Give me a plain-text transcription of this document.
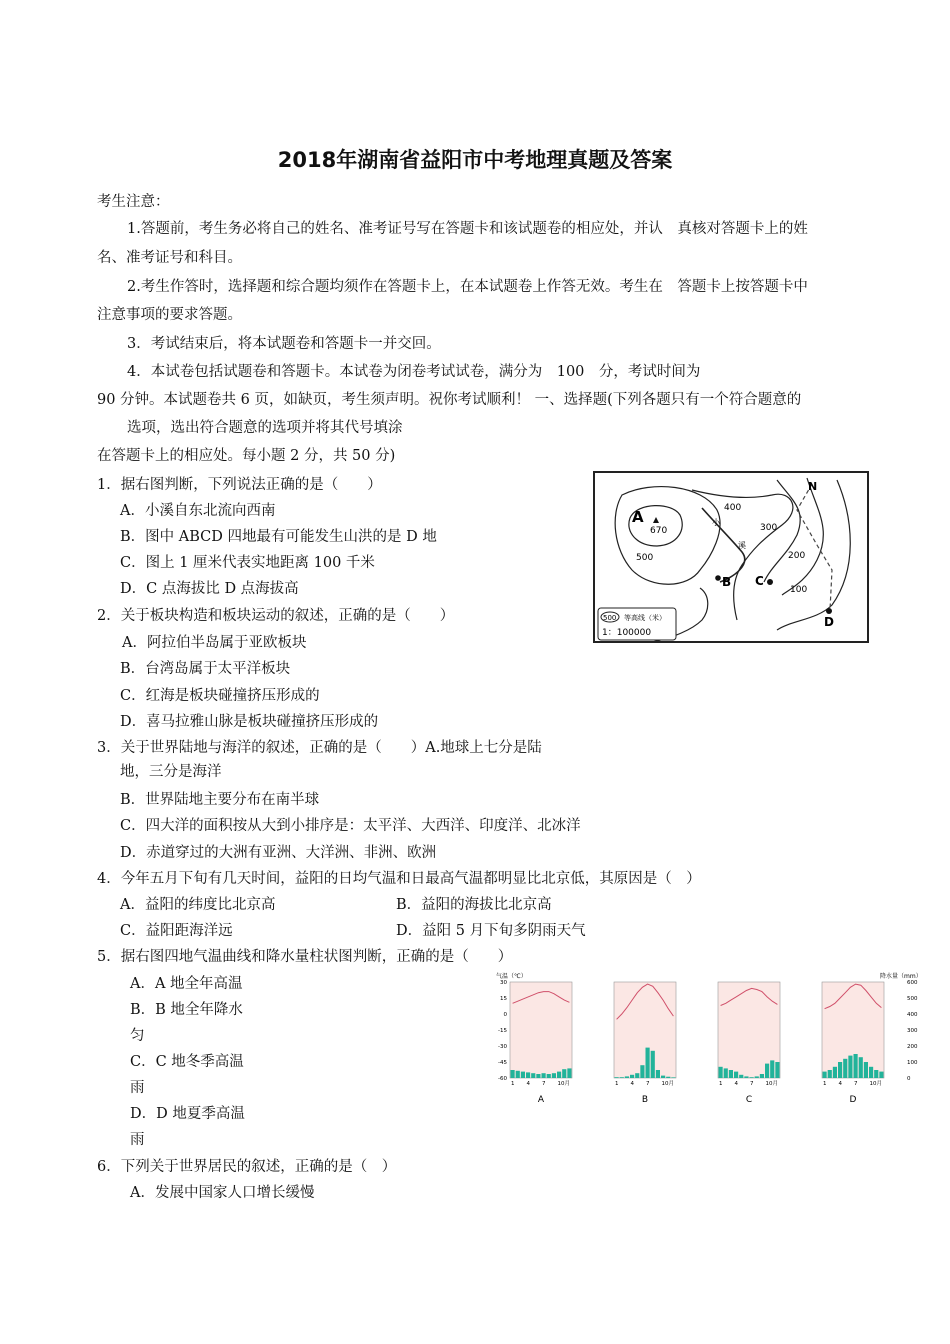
2018年湖南省益阳市中考地理真题及答案
考生注意：
1.答题前，考生务必将自己的姓名、准考证号写在答题卡和该试题卷的相应处，并认　真核对答题卡上的姓
名、准考证号和科目。
2.考生作答时，选择题和综合题均须作在答题卡上，在本试题卷上作答无效。考生在　答题卡上按答题卡中
注意事项的要求答题。
3．考试结束后，将本试题卷和答题卡一并交回。
4．本试卷包括试题卷和答题卡。本试卷为闭卷考试试卷，满分为　100　分，考试时间为
90 分钟。本试题卷共 6 页，如缺页，考生须声明。祝你考试顺利！ 一、选择题(下列各题只有一个符合题意的
选项，选出符合题意的选项并将其代号填涂
在答题卡上的相应处。每小题 2 分，共 50 分)
1．据右图判断，下列说法正确的是（　　）
A．小溪自东北流向西南
B．图中 ABCD 四地最有可能发生山洪的是 D 地
C．图上 1 厘米代表实地距离 100 千米
D．C 点海拔比 D 点海拔高
2．关于板块构造和板块运动的叙述，正确的是（　　）
A．阿拉伯半岛属于亚欧板块
B．台湾岛属于太平洋板块
C．红海是板块碰撞挤压形成的
D．喜马拉雅山脉是板块碰撞挤压形成的
3．关于世界陆地与海洋的叙述，正确的是（　　）A.地球上七分是陆
地，三分是海洋
B．世界陆地主要分布在南半球
C．四大洋的面积按从大到小排序是：太平洋、大西洋、印度洋、北冰洋
D．赤道穿过的大洲有亚洲、大洋洲、非洲、欧洲
4．今年五月下旬有几天时间，益阳的日均气温和日最高气温都明显比北京低，其原因是（　）
A．益阳的纬度比北京高	B．益阳的海拔比北京高
C．益阳距海洋远	D．益阳 5 月下旬多阴雨天气
5．据右图四地气温曲线和降水量柱状图判断，正确的是（　　）
A．A 地全年高温
B．B 地全年降水
匀
C．C 地冬季高温
雨
D．D 地夏季高温
雨
6．下列关于世界居民的叙述，正确的是（　）
A．发展中国家人口增长缓慢
A
670
B C
D
N
400
500
300
200
100
小
溪
500 等高线（米）
1：100000
气温（℃）	降水量（mm）
30
15
0
-15
-30
-45
-60
600
500
400
300
200
100
0
1 4 7 10月
A
1 4 7 10月
B
1 4 7 10月
C
1 4 7 10月
D
